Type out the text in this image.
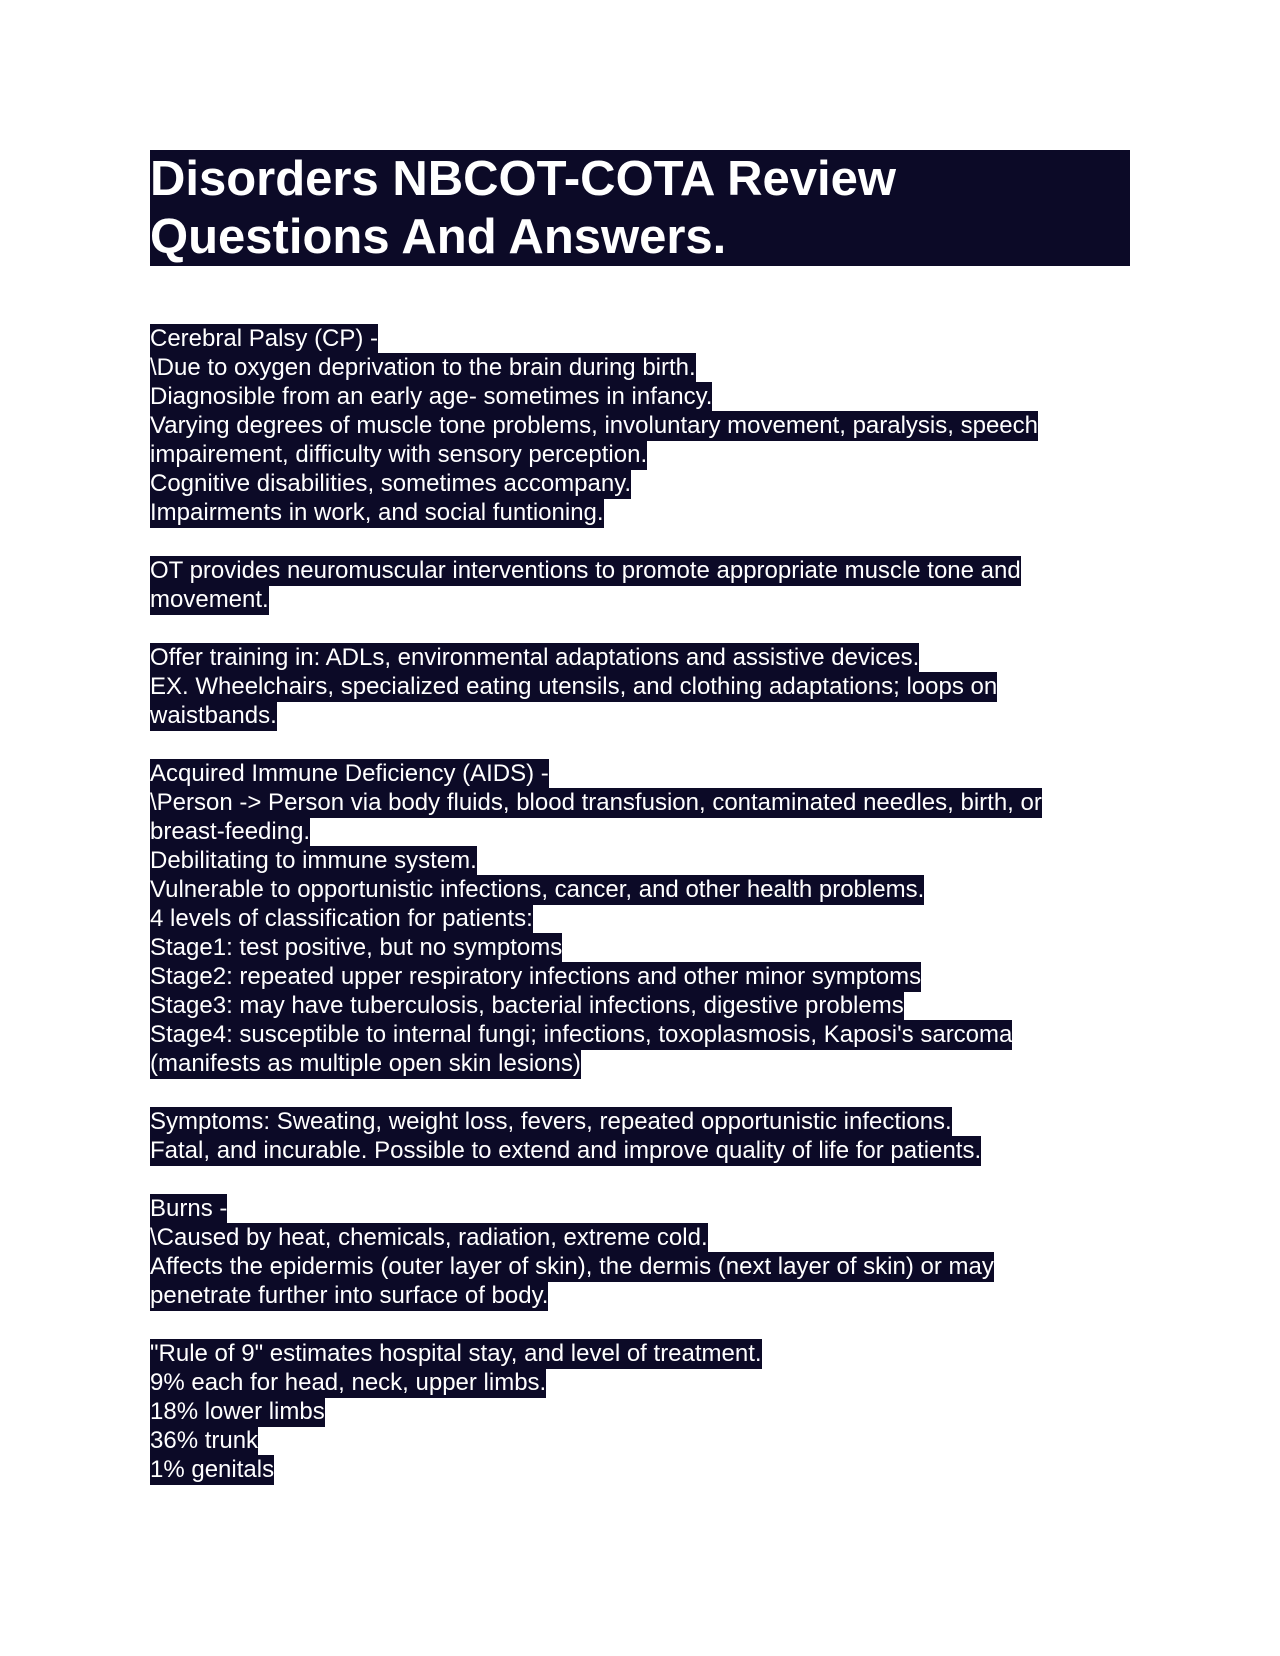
Disorders NBCOT-COTA Review Questions And Answers.
Cerebral Palsy (CP) -
\Due to oxygen deprivation to the brain during birth.
Diagnosible from an early age- sometimes in infancy.
Varying degrees of muscle tone problems, involuntary movement, paralysis, speech
impairement, difficulty with sensory perception.
Cognitive disabilities, sometimes accompany.
Impairments in work, and social funtioning.
OT provides neuromuscular interventions to promote appropriate muscle tone and
movement.
Offer training in: ADLs, environmental adaptations and assistive devices.
EX. Wheelchairs, specialized eating utensils, and clothing adaptations; loops on
waistbands.
Acquired Immune Deficiency (AIDS) -
\Person -> Person via body fluids, blood transfusion, contaminated needles, birth, or
breast-feeding.
Debilitating to immune system.
Vulnerable to opportunistic infections, cancer, and other health problems.
4 levels of classification for patients:
Stage1: test positive, but no symptoms
Stage2: repeated upper respiratory infections and other minor symptoms
Stage3: may have tuberculosis, bacterial infections, digestive problems
Stage4: susceptible to internal fungi; infections, toxoplasmosis, Kaposi's sarcoma
(manifests as multiple open skin lesions)
Symptoms: Sweating, weight loss, fevers, repeated opportunistic infections.
Fatal, and incurable. Possible to extend and improve quality of life for patients.
Burns -
\Caused by heat, chemicals, radiation, extreme cold.
Affects the epidermis (outer layer of skin), the dermis (next layer of skin) or may
penetrate further into surface of body.
"Rule of 9" estimates hospital stay, and level of treatment.
9% each for head, neck, upper limbs.
18% lower limbs
36% trunk
1% genitals
